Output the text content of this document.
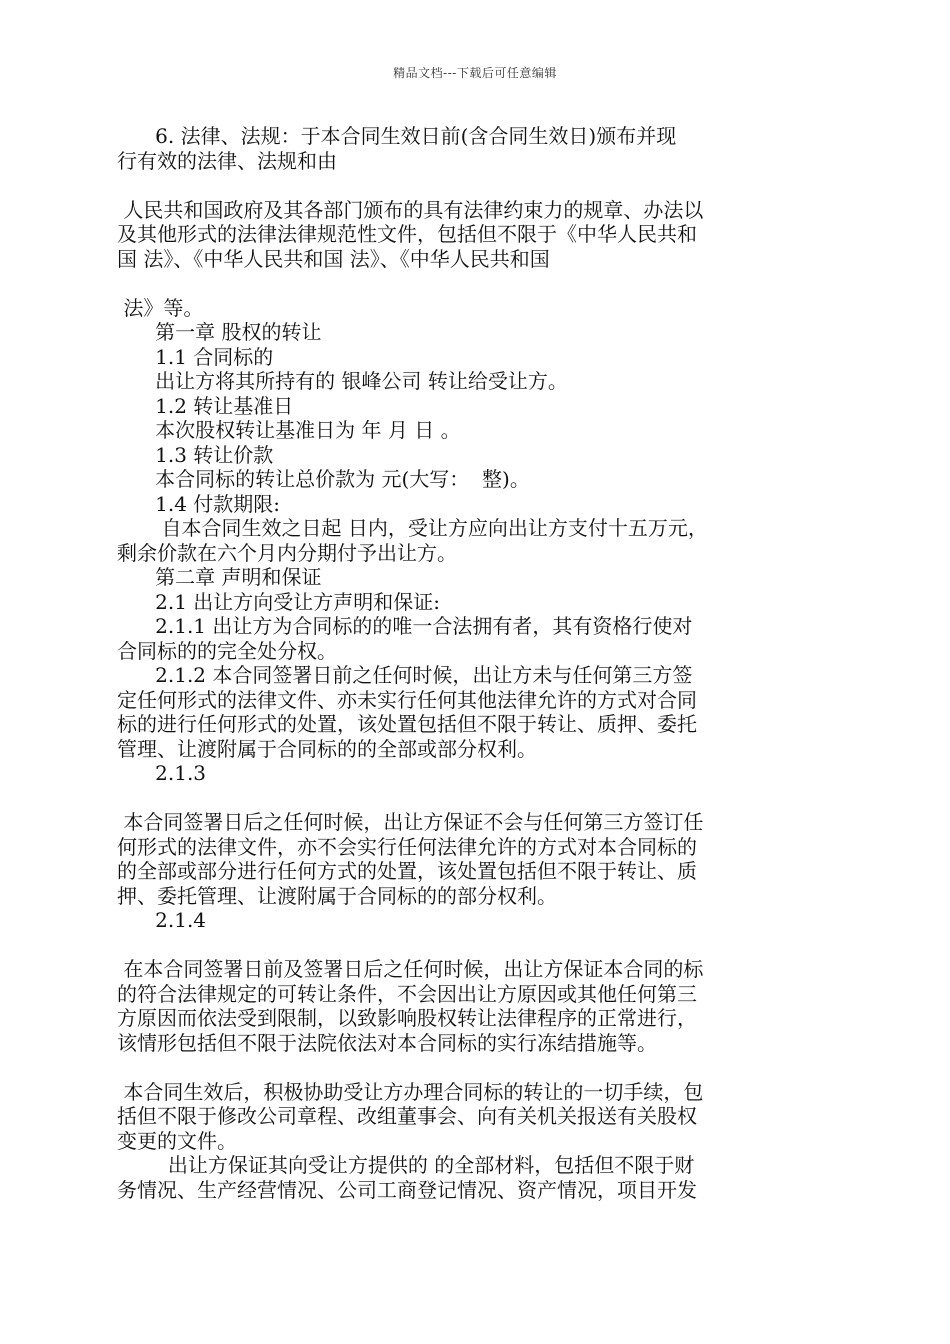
精品文档---下载后可任意编辑
6. 法律、法规：于本合同生效日前(含合同生效日)颁布并现
行有效的法律、法规和由
人民共和国政府及其各部门颁布的具有法律约束力的规章、办法以
及其他形式的法律法律规范性文件，包括但不限于《中华人民共和
国 法》、《中华人民共和国 法》、《中华人民共和国
法》等。
第一章 股权的转让
1.1 合同标的
出让方将其所持有的 银峰公司 转让给受让方。
1.2 转让基准日
本次股权转让基准日为 年 月 日 。
1.3 转让价款
本合同标的转让总价款为 元(大写：  整)。
1.4 付款期限:
自本合同生效之日起 日内，受让方应向出让方支付十五万元，
剩余价款在六个月内分期付予出让方。
第二章 声明和保证
2.1 出让方向受让方声明和保证:
2.1.1 出让方为合同标的的唯一合法拥有者，其有资格行使对
合同标的的完全处分权。
2.1.2 本合同签署日前之任何时候，出让方未与任何第三方签
定任何形式的法律文件、亦未实行任何其他法律允许的方式对合同
标的进行任何形式的处置，该处置包括但不限于转让、质押、委托
管理、让渡附属于合同标的的全部或部分权利。
2.1.3
本合同签署日后之任何时候，出让方保证不会与任何第三方签订任
何形式的法律文件，亦不会实行任何法律允许的方式对本合同标的
的全部或部分进行任何方式的处置，该处置包括但不限于转让、质
押、委托管理、让渡附属于合同标的的部分权利。
2.1.4
在本合同签署日前及签署日后之任何时候，出让方保证本合同的标
的符合法律规定的可转让条件，不会因出让方原因或其他任何第三
方原因而依法受到限制，以致影响股权转让法律程序的正常进行，
该情形包括但不限于法院依法对本合同标的实行冻结措施等。
本合同生效后，积极协助受让方办理合同标的转让的一切手续，包
括但不限于修改公司章程、改组董事会、向有关机关报送有关股权
变更的文件。
出让方保证其向受让方提供的 的全部材料，包括但不限于财
务情况、生产经营情况、公司工商登记情况、资产情况，项目开发
